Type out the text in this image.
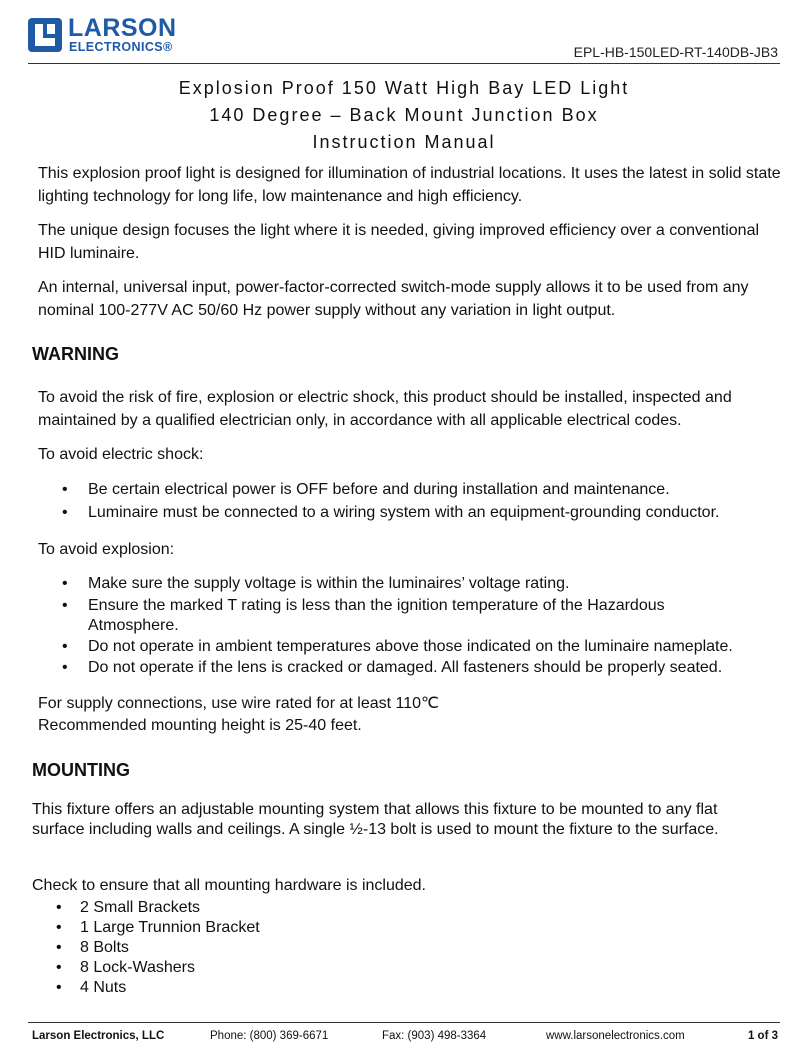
LARSON
ELECTRONICS®	EPL-HB-150LED-RT-140DB-JB3
Explosion Proof 150 Watt High Bay LED Light
140 Degree – Back Mount Junction Box
Instruction Manual

This explosion proof light is designed for illumination of industrial locations. It uses the latest in solid state lighting technology for long life, low maintenance and high efficiency.

The unique design focuses the light where it is needed, giving improved efficiency over a conventional HID luminaire.

An internal, universal input, power-factor-corrected switch-mode supply allows it to be used from any nominal 100-277V AC 50/60 Hz power supply without any variation in light output.

WARNING

To avoid the risk of fire, explosion or electric shock, this product should be installed, inspected and maintained by a qualified electrician only, in accordance with all applicable electrical codes.

To avoid electric shock:

• Be certain electrical power is OFF before and during installation and maintenance.
• Luminaire must be connected to a wiring system with an equipment-grounding conductor.

To avoid explosion:

• Make sure the supply voltage is within the luminaires’ voltage rating.
• Ensure the marked T rating is less than the ignition temperature of the Hazardous Atmosphere.
• Do not operate in ambient temperatures above those indicated on the luminaire nameplate.
• Do not operate if the lens is cracked or damaged. All fasteners should be properly seated.

For supply connections, use wire rated for at least 110℃

Recommended mounting height is 25-40 feet.

MOUNTING

This fixture offers an adjustable mounting system that allows this fixture to be mounted to any flat surface including walls and ceilings. A single ½-13 bolt is used to mount the fixture to the surface.

Check to ensure that all mounting hardware is included.

• 2 Small Brackets
• 1 Large Trunnion Bracket
• 8 Bolts
• 8 Lock-Washers
• 4 Nuts
Larson Electronics, LLC	Phone: (800) 369-6671	Fax: (903) 498-3364	www.larsonelectronics.com	1 of 3
